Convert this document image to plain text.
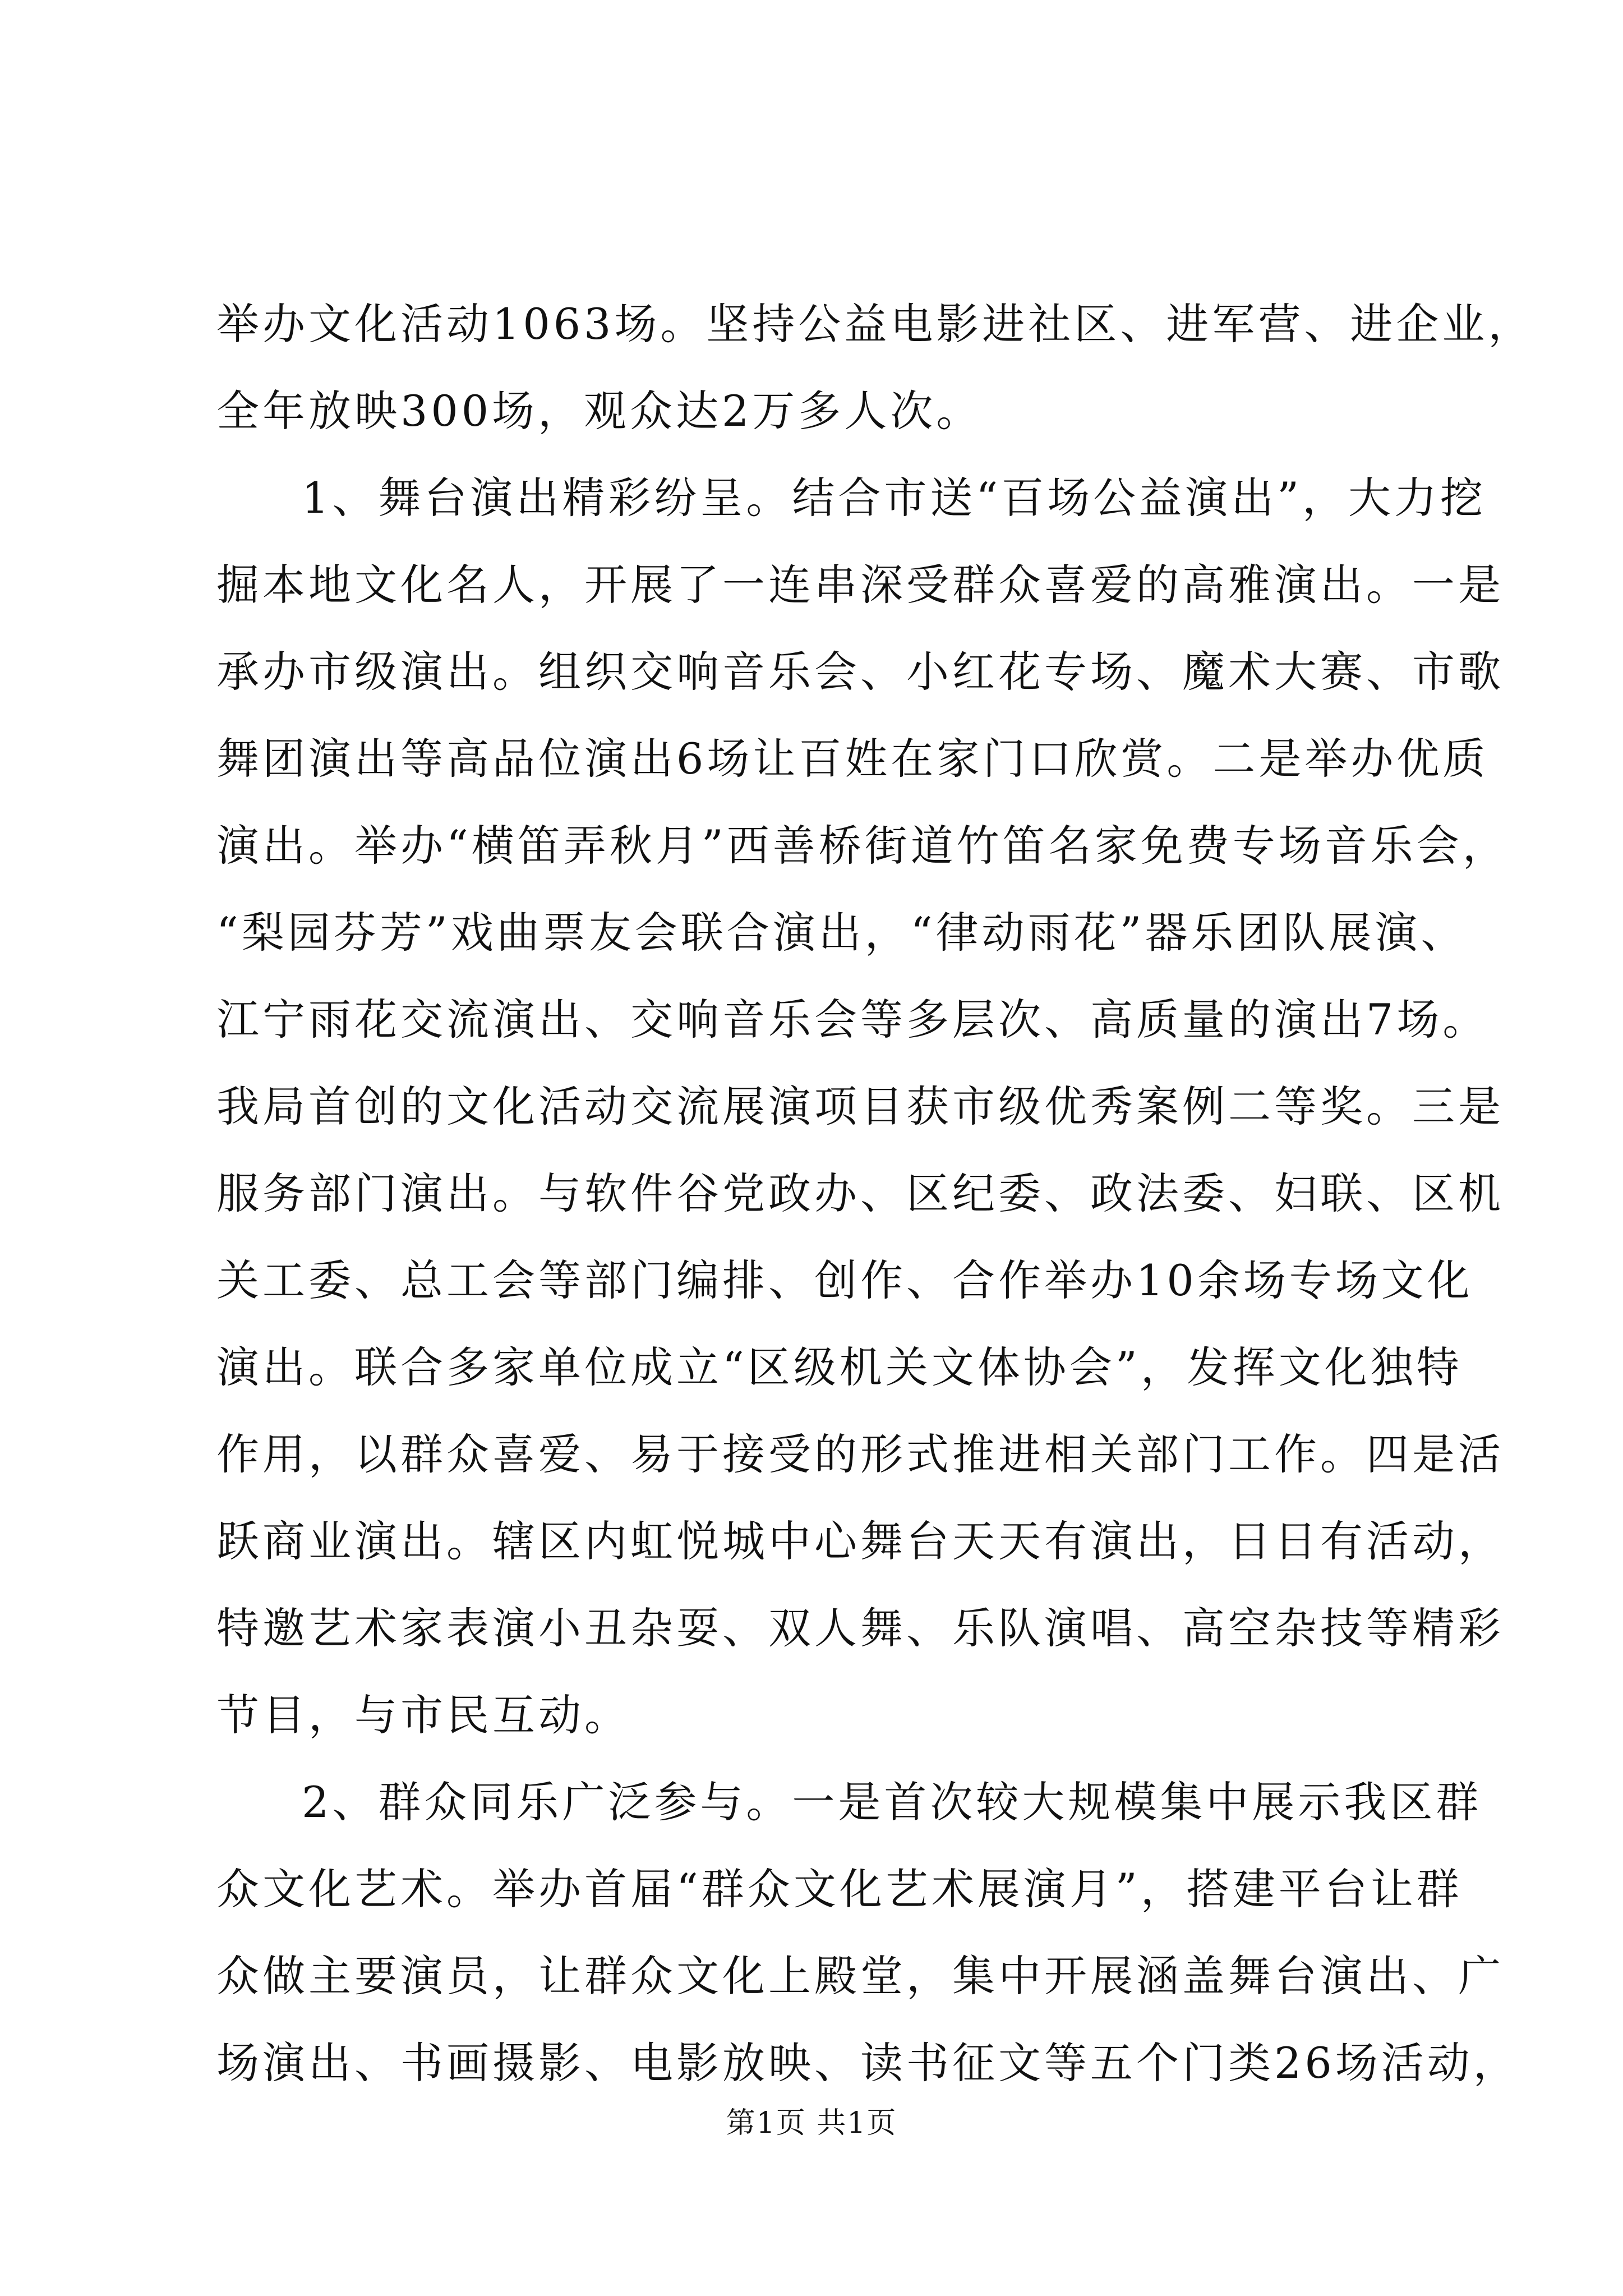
举办文化活动1063场。坚持公益电影进社区、进军营、进企业，
全年放映300场，观众达2万多人次。
1、舞台演出精彩纷呈。结合市送“百场公益演出”，大力挖
掘本地文化名人，开展了一连串深受群众喜爱的高雅演出。一是
承办市级演出。组织交响音乐会、小红花专场、魔术大赛、市歌
舞团演出等高品位演出6场让百姓在家门口欣赏。二是举办优质
演出。举办“横笛弄秋月”西善桥街道竹笛名家免费专场音乐会，
“梨园芬芳”戏曲票友会联合演出，“律动雨花”器乐团队展演、
江宁雨花交流演出、交响音乐会等多层次、高质量的演出7场。
我局首创的文化活动交流展演项目获市级优秀案例二等奖。三是
服务部门演出。与软件谷党政办、区纪委、政法委、妇联、区机
关工委、总工会等部门编排、创作、合作举办10余场专场文化
演出。联合多家单位成立“区级机关文体协会”，发挥文化独特
作用，以群众喜爱、易于接受的形式推进相关部门工作。四是活
跃商业演出。辖区内虹悦城中心舞台天天有演出，日日有活动，
特邀艺术家表演小丑杂耍、双人舞、乐队演唱、高空杂技等精彩
节目，与市民互动。
2、群众同乐广泛参与。一是首次较大规模集中展示我区群
众文化艺术。举办首届“群众文化艺术展演月”，搭建平台让群
众做主要演员，让群众文化上殿堂，集中开展涵盖舞台演出、广
场演出、书画摄影、电影放映、读书征文等五个门类26场活动，
第1页 共1页
